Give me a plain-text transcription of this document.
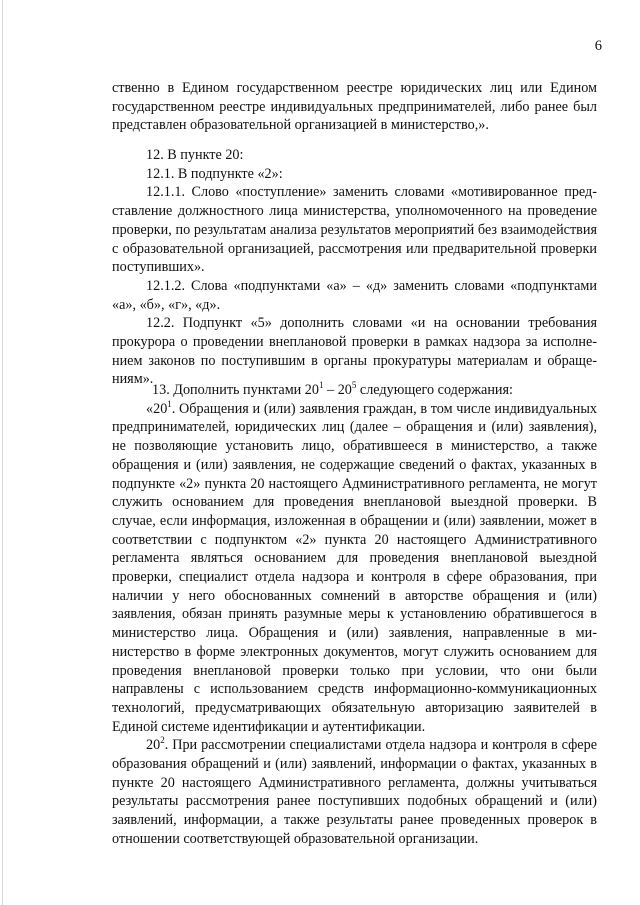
6

ственно в Едином государственном реестре юридических лиц или Едином государственном реестре индивидуальных предпринимателей, либо ранее был представлен образовательной организацией в министерство,».

12. В пункте 20:

12.1. В подпункте «2»:

12.1.1. Слово «поступление» заменить словами «мотивированное представление должностного лица министерства, уполномоченного на проведение проверки, по результатам анализа результатов мероприятий без взаимодействия с образовательной организацией, рассмотрения или предварительной проверки поступивших».

12.1.2. Слова «подпунктами «а» – «д» заменить словами «подпунктами «а», «б», «г», «д».

12.2. Подпункт «5» дополнить словами «и на основании требования прокурора о проведении внеплановой проверки в рамках надзора за исполнением законов по поступившим в органы прокуратуры материалам и обращениям».

13. Дополнить пунктами $20^1 - 20^5$ следующего содержания:

«$20^1$. Обращения и (или) заявления граждан, в том числе индивидуальных предпринимателей, юридических лиц (далее – обращения и (или) заявления), не позволяющие установить лицо, обратившееся в министерство, а также обращения и (или) заявления, не содержащие сведений о фактах, указанных в подпункте «2» пункта 20 настоящего Административного регламента, не могут служить основанием для проведения внеплановой выездной проверки. В случае, если информация, изложенная в обращении и (или) заявлении, может в соответствии с подпунктом «2» пункта 20 настоящего Административного регламента являться основанием для проведения внеплановой выездной проверки, специалист отдела надзора и контроля в сфере образования, при наличии у него обоснованных сомнений в авторстве обращения и (или) заявления, обязан принять разумные меры к установлению обратившeгося в министерство лица. Обращения и (или) заявления, направленные в министерство в форме электронных документов, могут служить основанием для проведения внеплановой проверки только при условии, что они были направлены с использованием средств информационно-коммуникационных технологий, предусматривающих обязательную авторизацию заявителей в Единой системе идентификации и аутентификации.

$20^2$. При рассмотрении специалистами отдела надзора и контроля в сфере образования обращений и (или) заявлений, информации о фактах, указанных в пункте 20 настоящего Административного регламента, должны учитываться результаты рассмотрения ранее поступивших подобных обращений и (или) заявлений, информации, а также результаты ранее проведенных проверок в отношении соответствующей образовательной организации.
